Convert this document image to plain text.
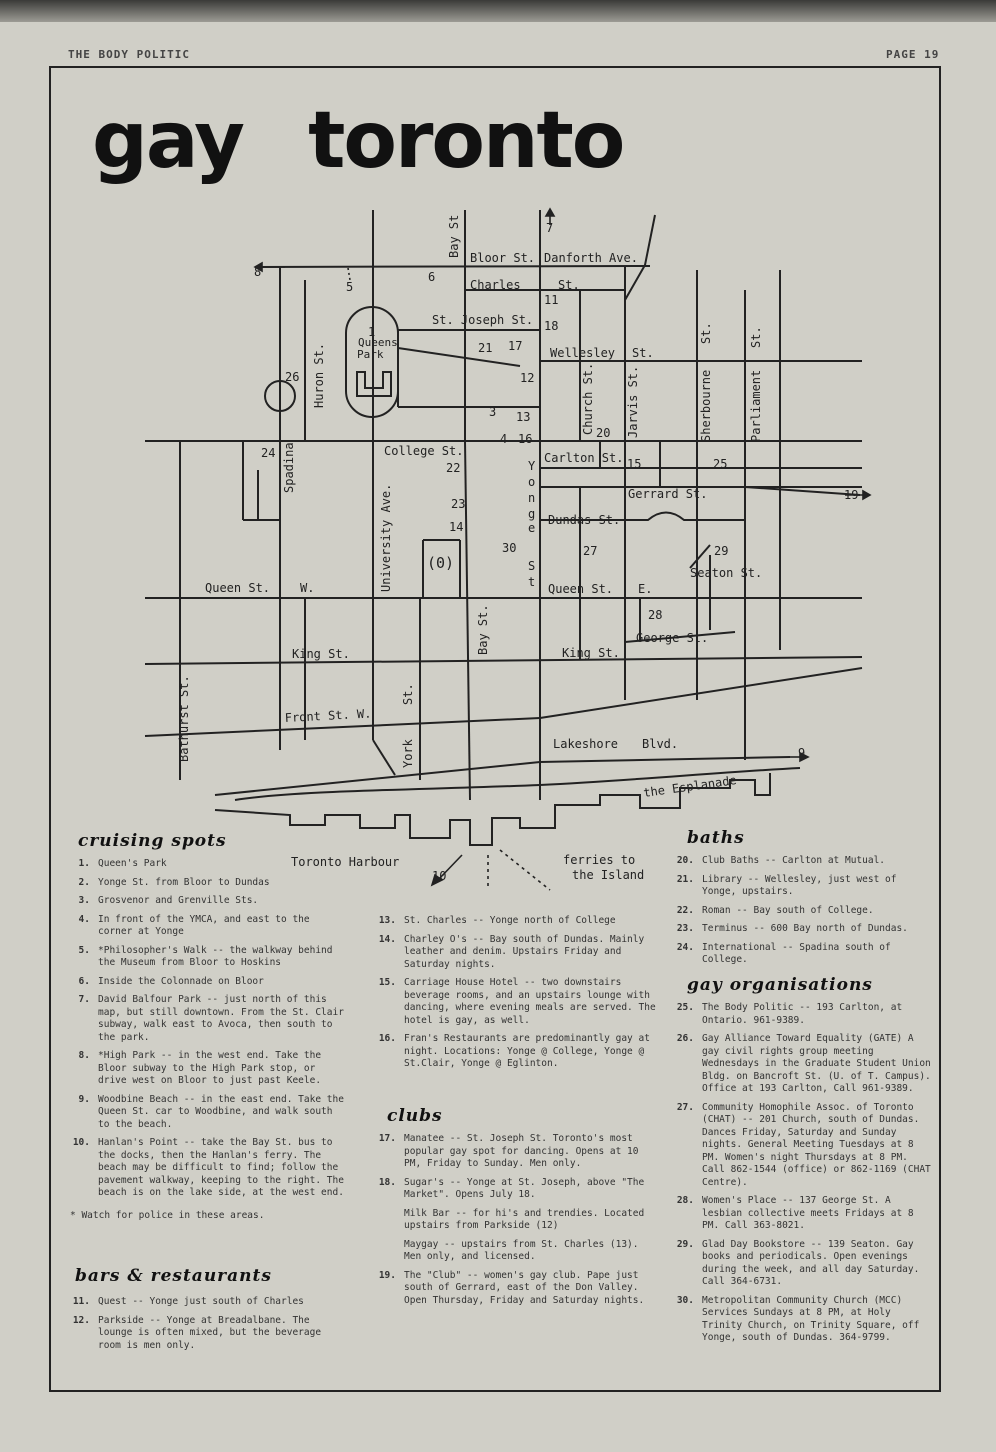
THE BODY POLITIC	PAGE 19
gay toronto
Bloor St. Danforth Ave.
Charles	St.
St. Joseph St.
Wellesley St.
College St.	Carlton St.
Gerrard St.
Dundas St.
Queen St. W.	Queen St. E.
King St.	King St.
Front St. W.
Lakeshore Blvd.
the Esplanade
George St.
Seaton St.
Bay St
Bay St.
Huron St.
Spadina
University Ave.
Church St.	Jarvis St.	Sherbourne
St.
Parliament
St.
Bathurst St.	York
St.
Y
o
n
g
e
S
t
Queens
Park
Toronto Harbour	ferries to
the Island
1
3
4
5
6
7
8
9
10
11
12
13
14
15
16
17
18
19
20
21
22
23
24
25
26
27
28
29
30
(0)
cruising spots
1. Queen's Park
2. Yonge St. from Bloor to Dundas
3. Grosvenor and Grenville Sts.
4. In front of the YMCA, and east to the corner at Yonge
5. *Philosopher's Walk -- the walkway behind the Museum from Bloor to Hoskins
6. Inside the Colonnade on Bloor
7. David Balfour Park -- just north of this map, but still downtown. From the St. Clair subway, walk east to Avoca, then south to the park.
8. *High Park -- in the west end. Take the Bloor subway to the High Park stop, or drive west on Bloor to just past Keele.
9. Woodbine Beach -- in the east end. Take the Queen St. car to Woodbine, and walk south to the beach.
10. Hanlan's Point -- take the Bay St. bus to the docks, then the Hanlan's ferry. The beach may be difficult to find; follow the pavement walkway, keeping to the right. The beach is on the lake side, at the west end.
* Watch for police in these areas.
bars & restaurants
11. Quest -- Yonge just south of Charles
12. Parkside -- Yonge at Breadalbane. The lounge is often mixed, but the beverage room is men only.
13. St. Charles -- Yonge north of College
14. Charley O's -- Bay south of Dundas. Mainly leather and denim. Upstairs Friday and Saturday nights.
15. Carriage House Hotel -- two downstairs beverage rooms, and an upstairs lounge with dancing, where evening meals are served. The hotel is gay, as well.
16. Fran's Restaurants are predominantly gay at night. Locations: Yonge @ College, Yonge @ St.Clair, Yonge @ Eglinton.
clubs
17. Manatee -- St. Joseph St. Toronto's most popular gay spot for dancing. Opens at 10 PM, Friday to Sunday. Men only.
18. Sugar's -- Yonge at St. Joseph, above "The Market". Opens July 18.
Milk Bar -- for hi's and trendies. Located upstairs from Parkside (12)
Maygay -- upstairs from St. Charles (13). Men only, and licensed.
19. The "Club" -- women's gay club. Pape just south of Gerrard, east of the Don Valley. Open Thursday, Friday and Saturday nights.
baths
20. Club Baths -- Carlton at Mutual.
21. Library -- Wellesley, just west of Yonge, upstairs.
22. Roman -- Bay south of College.
23. Terminus -- 600 Bay north of Dundas.
24. International -- Spadina south of College.
gay organisations
25. The Body Politic -- 193 Carlton, at Ontario. 961-9389.
26. Gay Alliance Toward Equality (GATE) A gay civil rights group meeting Wednesdays in the Graduate Student Union Bldg. on Bancroft St. (U. of T. Campus). Office at 193 Carlton, Call 961-9389.
27. Community Homophile Assoc. of Toronto (CHAT) -- 201 Church, south of Dundas. Dances Friday, Saturday and Sunday nights. General Meeting Tuesdays at 8 PM. Women's night Thursdays at 8 PM. Call 862-1544 (office) or 862-1169 (CHAT Centre).
28. Women's Place -- 137 George St. A lesbian collective meets Fridays at 8 PM. Call 363-8021.
29. Glad Day Bookstore -- 139 Seaton. Gay books and periodicals. Open evenings during the week, and all day Saturday. Call 364-6731.
30. Metropolitan Community Church (MCC) Services Sundays at 8 PM, at Holy Trinity Church, on Trinity Square, off Yonge, south of Dundas. 364-9799.
